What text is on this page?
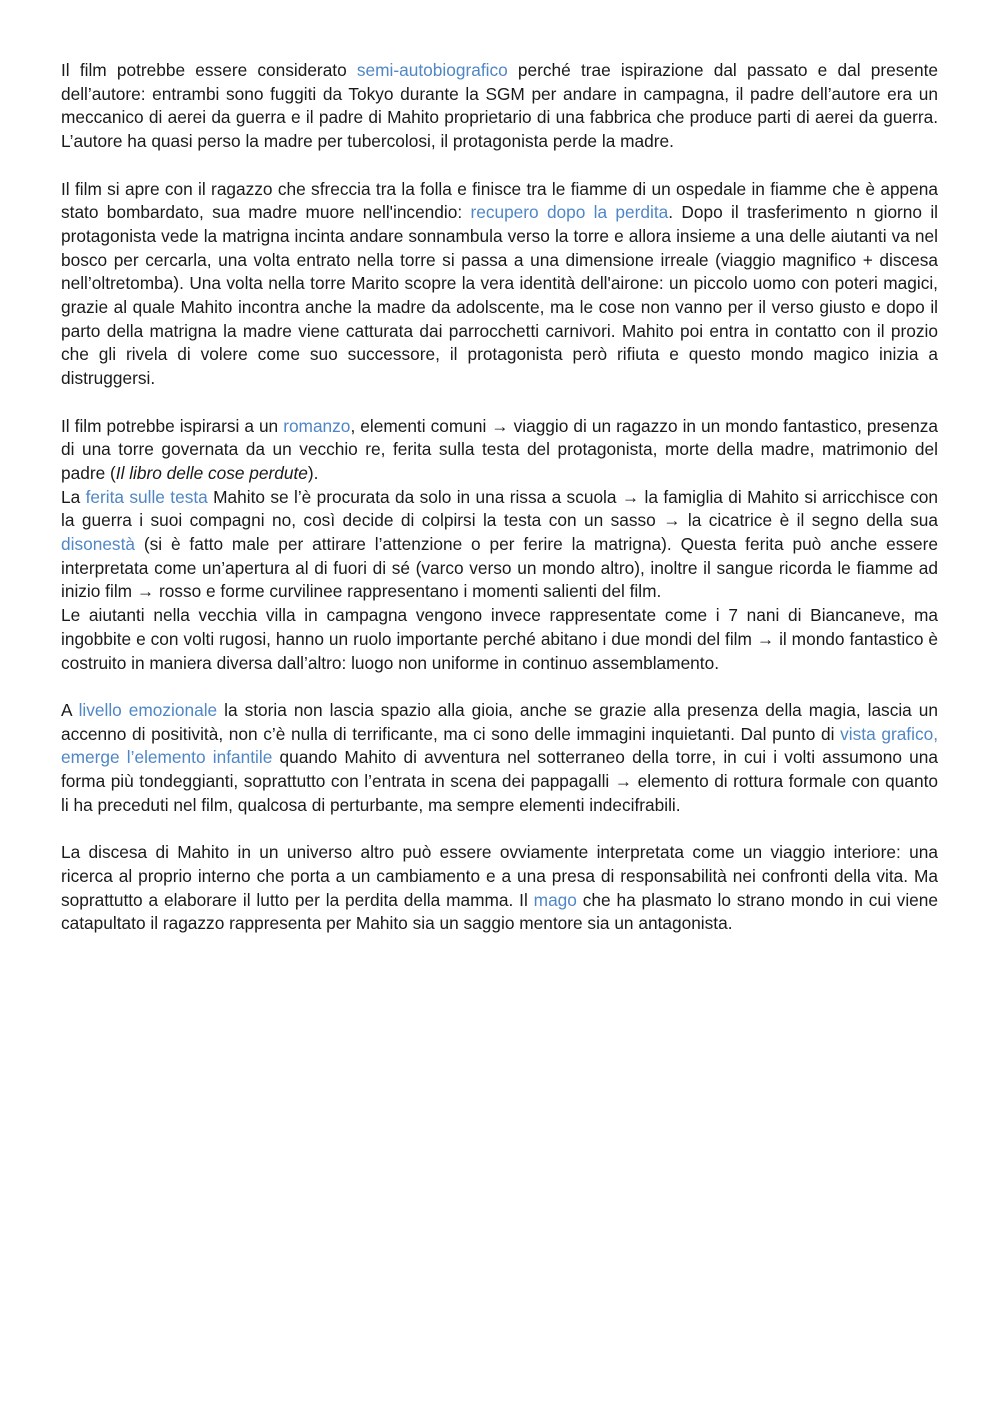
Il film potrebbe essere considerato semi-autobiografico perché trae ispirazione dal passato e dal presente dell’autore: entrambi sono fuggiti da Tokyo durante la SGM per andare in campagna, il padre dell’autore era un meccanico di aerei da guerra e il padre di Mahito proprietario di una fabbrica che produce parti di aerei da guerra. L’autore ha quasi perso la madre per tubercolosi, il protagonista perde la madre.

Il film si apre con il ragazzo che sfreccia tra la folla e finisce tra le fiamme di un ospedale in fiamme che è appena stato bombardato, sua madre muore nell'incendio: recupero dopo la perdita. Dopo il trasferimento n giorno il protagonista vede la matrigna incinta andare sonnambula verso la torre e allora insieme a una delle aiutanti va nel bosco per cercarla, una volta entrato nella torre si passa a una dimensione irreale (viaggio magnifico + discesa nell’oltretomba). Una volta nella torre Marito scopre la vera identità dell'airone: un piccolo uomo con poteri magici, grazie al quale Mahito incontra anche la madre da adolscente, ma le cose non vanno per il verso giusto e dopo il parto della matrigna la madre viene catturata dai parrocchetti carnivori. Mahito poi entra in contatto con il prozio che gli rivela di volere come suo successore, il protagonista però rifiuta e questo mondo magico inizia a distruggersi.

Il film potrebbe ispirarsi a un romanzo, elementi comuni → viaggio di un ragazzo in un mondo fantastico, presenza di una torre governata da un vecchio re, ferita sulla testa del protagonista, morte della madre, matrimonio del padre (Il libro delle cose perdute).

La ferita sulle testa Mahito se l’è procurata da solo in una rissa a scuola → la famiglia di Mahito si arricchisce con la guerra i suoi compagni no, così decide di colpirsi la testa con un sasso → la cicatrice è il segno della sua disonestà (si è fatto male per attirare l’attenzione o per ferire la matrigna). Questa ferita può anche essere interpretata come un’apertura al di fuori di sé (varco verso un mondo altro), inoltre il sangue ricorda le fiamme ad inizio film → rosso e forme curvilinee rappresentano i momenti salienti del film.

Le aiutanti nella vecchia villa in campagna vengono invece rappresentate come i 7 nani di Biancaneve, ma ingobbite e con volti rugosi, hanno un ruolo importante perché abitano i due mondi del film → il mondo fantastico è costruito in maniera diversa dall’altro: luogo non uniforme in continuo assemblamento.

A livello emozionale la storia non lascia spazio alla gioia, anche se grazie alla presenza della magia, lascia un accenno di positività, non c’è nulla di terrificante, ma ci sono delle immagini inquietanti. Dal punto di vista grafico, emerge l’elemento infantile quando Mahito di avventura nel sotterraneo della torre, in cui i volti assumono una forma più tondeggianti, soprattutto con l’entrata in scena dei pappagalli → elemento di rottura formale con quanto li ha preceduti nel film, qualcosa di perturbante, ma sempre elementi indecifrabili.

La discesa di Mahito in un universo altro può essere ovviamente interpretata come un viaggio interiore: una ricerca al proprio interno che porta a un cambiamento e a una presa di responsabilità nei confronti della vita. Ma soprattutto a elaborare il lutto per la perdita della mamma. Il mago che ha plasmato lo strano mondo in cui viene catapultato il ragazzo rappresenta per Mahito sia un saggio mentore sia un antagonista.
